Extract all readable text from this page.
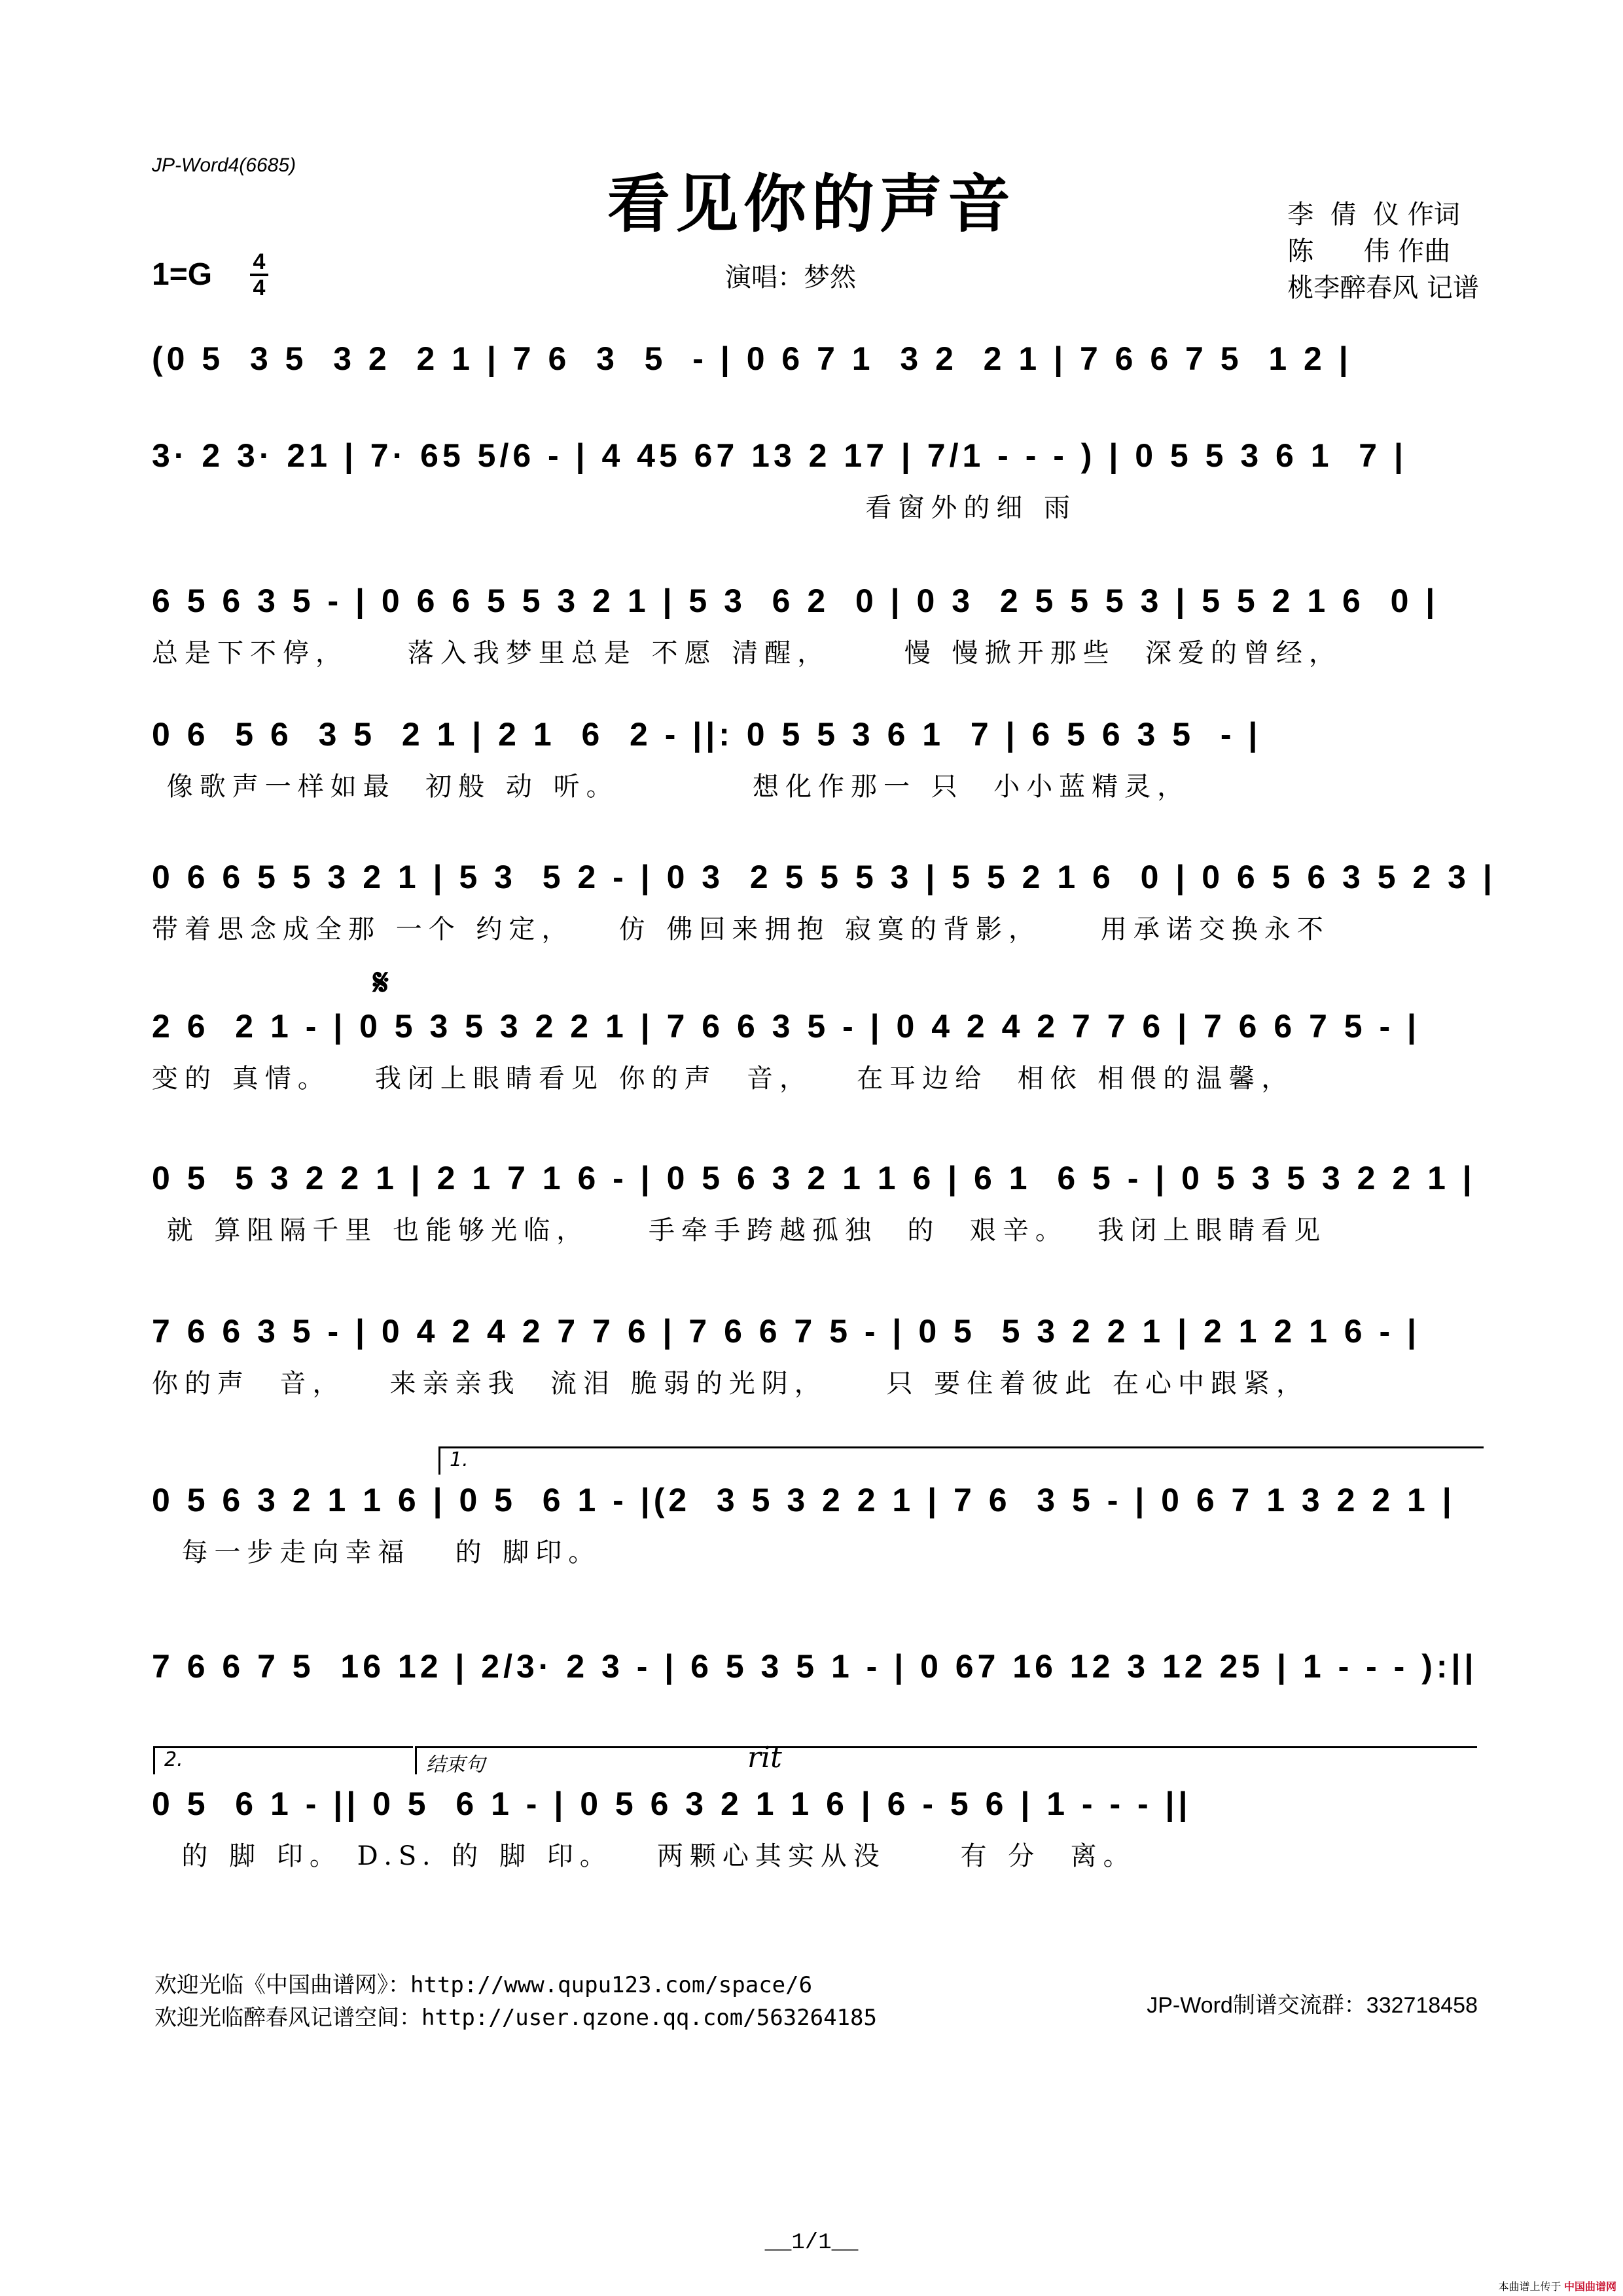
JP-Word4(6685)
看见你的声音	李  倩  仪 作词
陈      伟 作曲
桃李醉春风 记谱
1=G 4
4	演唱：梦然
(0 5  3 5  3 2  2 1 | 7 6  3  5  - | 0 6 7 1  3 2  2 1 | 7 6 6 7 5  1 2 |
3· 2 3· 21 | 7· 65 5/6 - | 4 45 67 13 2 17 | 7/1 - - - ) | 0 5 5 3 6 1  7 |
看窗外的细 雨
6 5 6 3 5 - | 0 6 6 5 5 3 2 1 | 5 3  6 2  0 | 0 3  2 5 5 5 3 | 5 5 2 1 6  0 |
总是下不停，    落入我梦里总是 不愿 清醒，     慢 慢掀开那些  深爱的曾经，
0 6  5 6  3 5  2 1 | 2 1  6  2 - ||: 0 5 5 3 6 1  7 | 6 5 6 3 5  - |
像歌声一样如最  初般 动 听。         想化作那一 只  小小蓝精灵，
0 6 6 5 5 3 2 1 | 5 3  5 2 - | 0 3  2 5 5 5 3 | 5 5 2 1 6  0 | 0 6 5 6 3 5 2 3 |
带着思念成全那 一个 约定，   仿 佛回来拥抱 寂寞的背影，    用承诺交换永不
𝄋
2 6  2 1 - | 0 5 3 5 3 2 2 1 | 7 6 6 3 5 - | 0 4 2 4 2 7 7 6 | 7 6 6 7 5 - |
变的 真情。   我闭上眼睛看见 你的声  音，   在耳边给  相依 相偎的温馨，
0 5  5 3 2 2 1 | 2 1 7 1 6 - | 0 5 6 3 2 1 1 6 | 6 1  6 5 - | 0 5 3 5 3 2 2 1 |
就 算阻隔千里 也能够光临，    手牵手跨越孤独  的  艰辛。  我闭上眼睛看见
7 6 6 3 5 - | 0 4 2 4 2 7 7 6 | 7 6 6 7 5 - | 0 5  5 3 2 2 1 | 2 1 2 1 6 - |
你的声  音，   来亲亲我  流泪 脆弱的光阴，    只 要住着彼此 在心中跟紧，
1.
0 5 6 3 2 1 1 6 | 0 5  6 1 - |(2  3 5 3 2 2 1 | 7 6  3 5 - | 0 6 7 1 3 2 2 1 |
每一步走向幸福   的 脚印。
7 6 6 7 5  16 12 | 2/3· 2 3 - | 6 5 3 5 1 - | 0 67 16 12 3 12 25 | 1 - - - ):||
2.	结束句	rit
0 5  6 1 - || 0 5  6 1 - | 0 5 6 3 2 1 1 6 | 6 - 5 6 | 1 - - - ||
的 脚 印。 D.S. 的 脚 印。   两颗心其实从没     有 分  离。
欢迎光临《中国曲谱网》：http://www.qupu123.com/space/6
欢迎光临醉春风记谱空间：http://user.qzone.qq.com/563264185	JP-Word制谱交流群：332718458
__1/1__
本曲谱上传于 中国曲谱网
